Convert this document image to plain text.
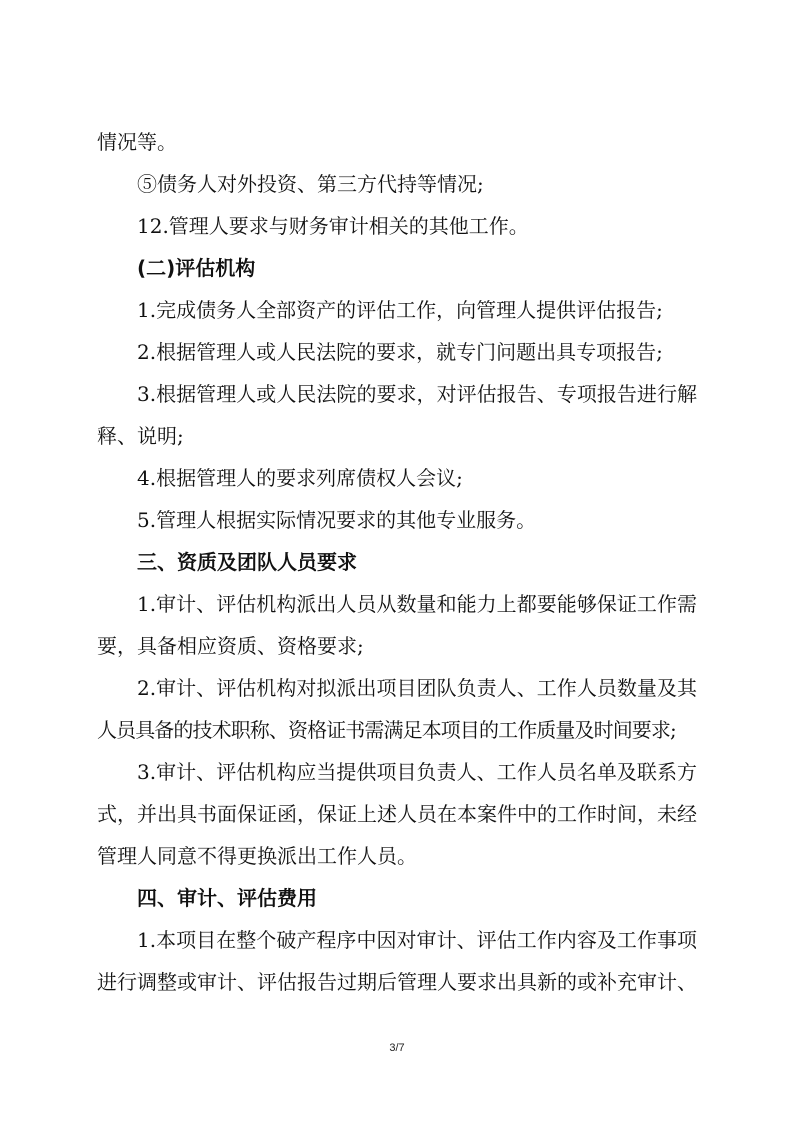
情况等。
⑤债务人对外投资、第三方代持等情况;
12.管理人要求与财务审计相关的其他工作。
(二)评估机构
1.完成债务人全部资产的评估工作，向管理人提供评估报告;
2.根据管理人或人民法院的要求，就专门问题出具专项报告;
3.根据管理人或人民法院的要求，对评估报告、专项报告进行解
释、说明;
4.根据管理人的要求列席债权人会议;
5.管理人根据实际情况要求的其他专业服务。
三、资质及团队人员要求
1.审计、评估机构派出人员从数量和能力上都要能够保证工作需
要，具备相应资质、资格要求;
2.审计、评估机构对拟派出项目团队负责人、工作人员数量及其
人员具备的技术职称、资格证书需满足本项目的工作质量及时间要求;
3.审计、评估机构应当提供项目负责人、工作人员名单及联系方
式，并出具书面保证函，保证上述人员在本案件中的工作时间，未经
管理人同意不得更换派出工作人员。
四、审计、评估费用
1.本项目在整个破产程序中因对审计、评估工作内容及工作事项
进行调整或审计、评估报告过期后管理人要求出具新的或补充审计、
3/7
